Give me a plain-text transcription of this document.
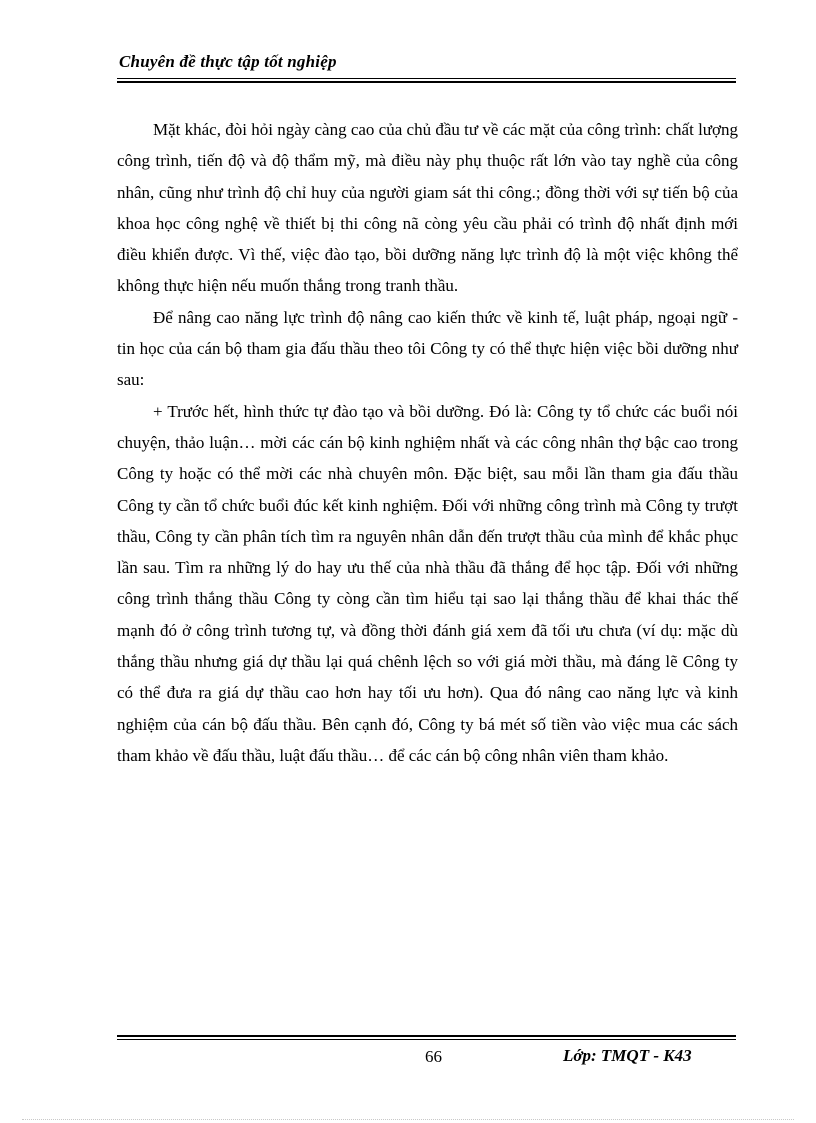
Chuyên đề thực tập tốt nghiệp

Mặt khác, đòi hỏi ngày càng cao của chủ đầu tư về các mặt của công trình: chất lượng công trình, tiến độ và độ thẩm mỹ, mà điều này phụ thuộc rất lớn vào tay nghề của công nhân, cũng như trình độ chỉ huy của người giam sát thi công.; đồng thời với sự tiến bộ của khoa học công nghệ về thiết bị thi công nã còng yêu cầu phải có trình độ nhất định mới điều khiển được. Vì thế, việc đào tạo, bồi dưỡng năng lực trình độ là một việc không thể không thực hiện nếu muốn thắng trong tranh thầu.

Để nâng cao năng lực trình độ nâng cao kiến thức về kinh tế, luật pháp, ngoại ngữ - tin học của cán bộ tham gia đấu thầu theo tôi Công ty có thể thực hiện việc bồi dưỡng như sau:

+ Trước hết, hình thức tự đào tạo và bồi dưỡng. Đó là: Công ty tổ chức các buổi nói chuyện, thảo luận… mời các cán bộ kinh nghiệm nhất và các công nhân thợ bậc cao trong Công ty hoặc có thể mời các nhà chuyên môn. Đặc biệt, sau mỗi lần tham gia đấu thầu Công ty cần tổ chức buổi đúc kết kinh nghiệm. Đối với những công trình mà Công ty trượt thầu, Công ty cần phân tích tìm ra nguyên nhân dẫn đến trượt thầu của mình để khắc phục lần sau. Tìm ra những lý do hay ưu thế của nhà thầu đã thắng để học tập. Đối với những công trình thắng thầu Công ty còng cần tìm hiểu tại sao lại thắng thầu để khai thác thế mạnh đó ở công trình tương tự, và đồng thời đánh giá xem đã tối ưu chưa (ví dụ: mặc dù thắng thầu nhưng giá dự thầu lại quá chênh lệch so với giá mời thầu, mà đáng lẽ Công ty có thể đưa ra giá dự thầu cao hơn hay tối ưu hơn). Qua đó nâng cao năng lực và kinh nghiệm của cán bộ đấu thầu. Bên cạnh đó, Công ty bá mét số tiền vào việc mua các sách tham khảo về đấu thầu, luật đấu thầu… để các cán bộ công nhân viên tham khảo.

66	Lớp: TMQT - K43
